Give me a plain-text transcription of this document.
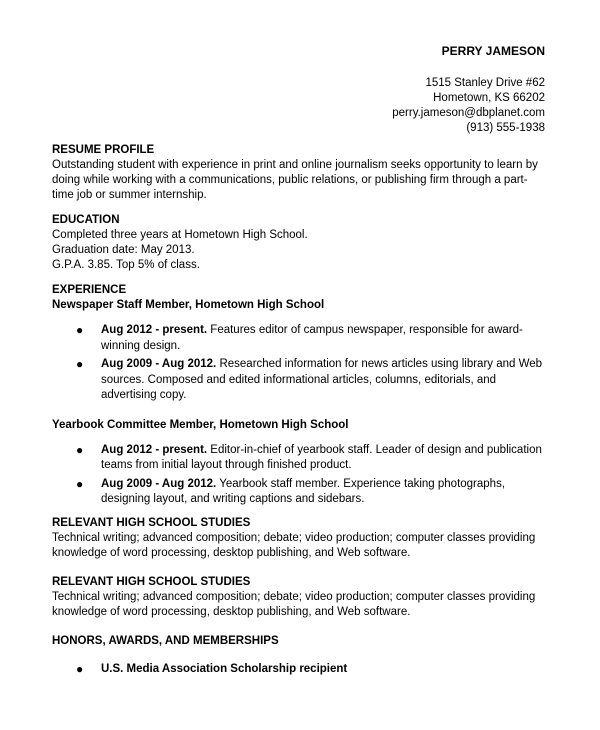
PERRY JAMESON
1515 Stanley Drive #62
Hometown, KS 66202
perry.jameson@dbplanet.com
(913) 555-1938
RESUME PROFILE
Outstanding student with experience in print and online journalism seeks opportunity to learn by doing while working with a communications, public relations, or publishing firm through a part-time job or summer internship.
EDUCATION
Completed three years at Hometown High School.
Graduation date: May 2013.
G.P.A. 3.85. Top 5% of class.
EXPERIENCE
Newspaper Staff Member, Hometown High School
● Aug 2012 - present. Features editor of campus newspaper, responsible for award-winning design.
● Aug 2009 - Aug 2012. Researched information for news articles using library and Web sources. Composed and edited informational articles, columns, editorials, and advertising copy.
Yearbook Committee Member, Hometown High School
● Aug 2012 - present. Editor-in-chief of yearbook staff. Leader of design and publication teams from initial layout through finished product.
● Aug 2009 - Aug 2012. Yearbook staff member. Experience taking photographs, designing layout, and writing captions and sidebars.
RELEVANT HIGH SCHOOL STUDIES
Technical writing; advanced composition; debate; video production; computer classes providing knowledge of word processing, desktop publishing, and Web software.
RELEVANT HIGH SCHOOL STUDIES
Technical writing; advanced composition; debate; video production; computer classes providing knowledge of word processing, desktop publishing, and Web software.
HONORS, AWARDS, AND MEMBERSHIPS
● U.S. Media Association Scholarship recipient
